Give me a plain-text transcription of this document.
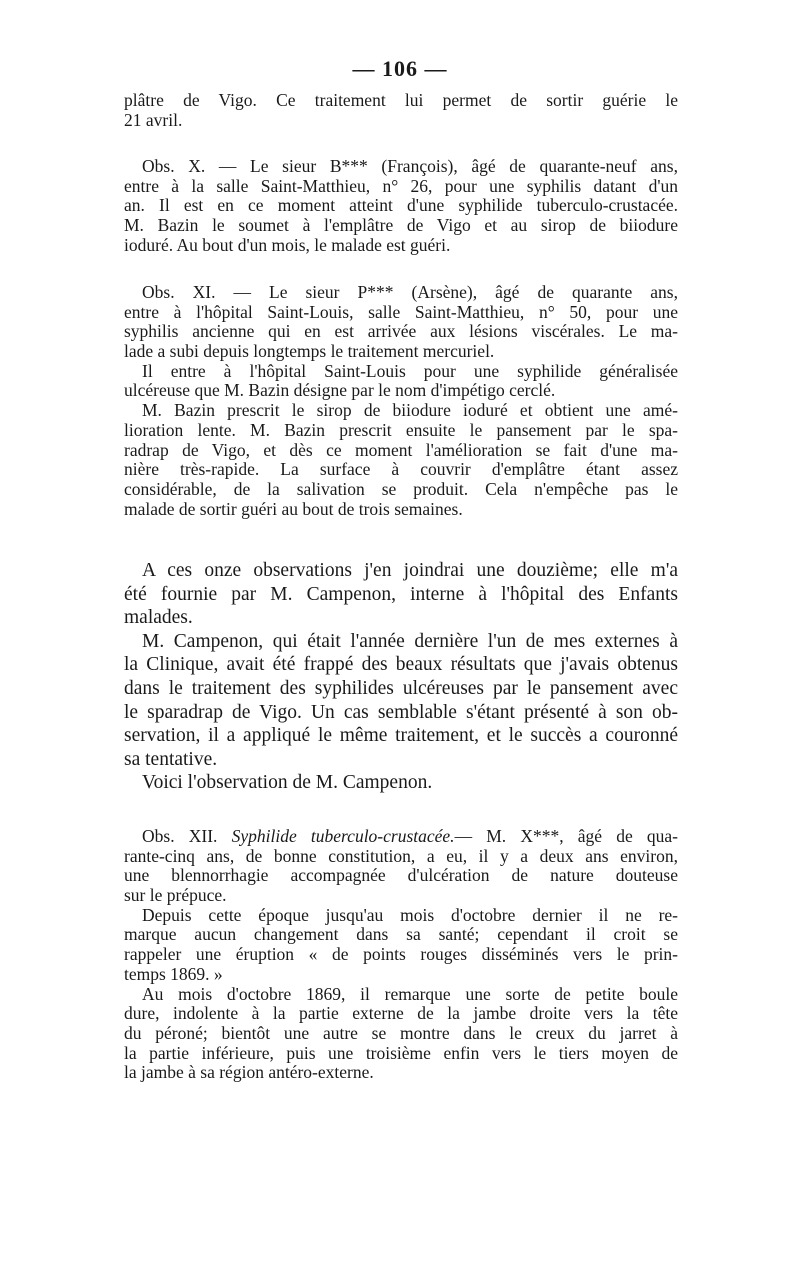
— 106 —
plâtre de Vigo. Ce traitement lui permet de sortir guérie le
21 avril.
Obs. X. — Le sieur B*** (François), âgé de quarante-neuf ans,
entre à la salle Saint-Matthieu, n° 26, pour une syphilis datant d'un
an. Il est en ce moment atteint d'une syphilide tuberculo-crustacée.
M. Bazin le soumet à l'emplâtre de Vigo et au sirop de biiodure
ioduré. Au bout d'un mois, le malade est guéri.
Obs. XI. — Le sieur P*** (Arsène), âgé de quarante ans,
entre à l'hôpital Saint-Louis, salle Saint-Matthieu, n° 50, pour une
syphilis ancienne qui en est arrivée aux lésions viscérales. Le ma-
lade a subi depuis longtemps le traitement mercuriel.
Il entre à l'hôpital Saint-Louis pour une syphilide généralisée
ulcéreuse que M. Bazin désigne par le nom d'impétigo cerclé.
M. Bazin prescrit le sirop de biiodure ioduré et obtient une amé-
lioration lente. M. Bazin prescrit ensuite le pansement par le spa-
radrap de Vigo, et dès ce moment l'amélioration se fait d'une ma-
nière très-rapide. La surface à couvrir d'emplâtre étant assez
considérable, de la salivation se produit. Cela n'empêche pas le
malade de sortir guéri au bout de trois semaines.
A ces onze observations j'en joindrai une douzième; elle m'a
été fournie par M. Campenon, interne à l'hôpital des Enfants
malades.
M. Campenon, qui était l'année dernière l'un de mes externes à
la Clinique, avait été frappé des beaux résultats que j'avais obtenus
dans le traitement des syphilides ulcéreuses par le pansement avec
le sparadrap de Vigo. Un cas semblable s'étant présenté à son ob-
servation, il a appliqué le même traitement, et le succès a couronné
sa tentative.
Voici l'observation de M. Campenon.
Obs. XII. Syphilide tuberculo-crustacée.— M. X***, âgé de qua-
rante-cinq ans, de bonne constitution, a eu, il y a deux ans environ,
une blennorrhagie accompagnée d'ulcération de nature douteuse
sur le prépuce.
Depuis cette époque jusqu'au mois d'octobre dernier il ne re-
marque aucun changement dans sa santé; cependant il croit se
rappeler une éruption « de points rouges disséminés vers le prin-
temps 1869. »
Au mois d'octobre 1869, il remarque une sorte de petite boule
dure, indolente à la partie externe de la jambe droite vers la tête
du péroné; bientôt une autre se montre dans le creux du jarret à
la partie inférieure, puis une troisième enfin vers le tiers moyen de
la jambe à sa région antéro-externe.
